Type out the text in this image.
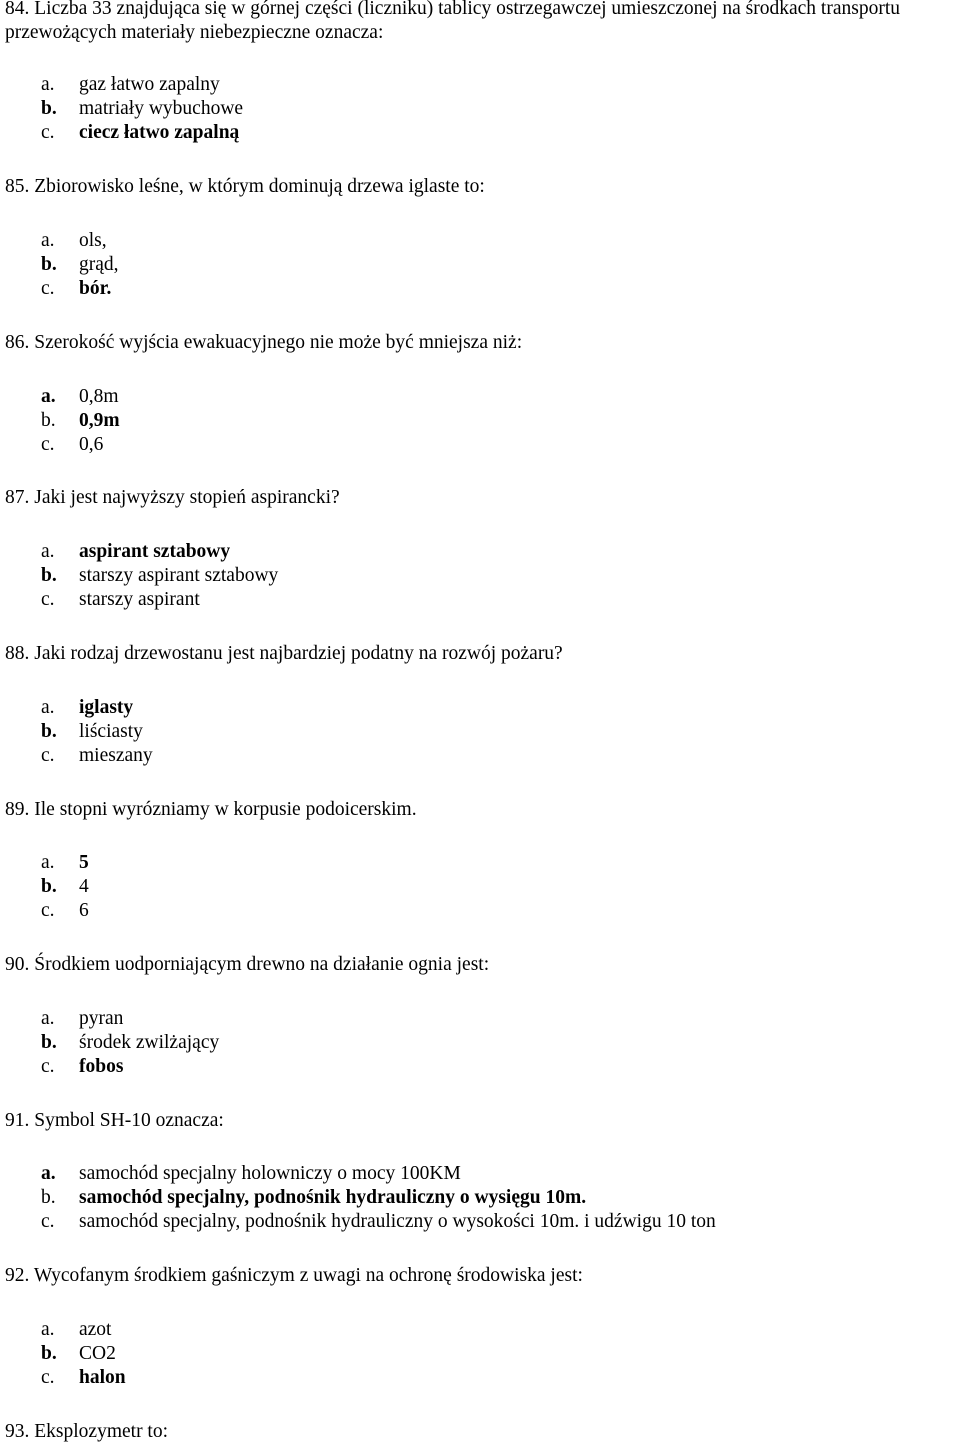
84. Liczba 33 znajdująca się w górnej części (liczniku) tablicy ostrzegawczej umieszczonej na środkach transportu przewożących materiały niebezpieczne oznacza:

a. gaz łatwo zapalny
b. matriały wybuchowe
c. ciecz łatwo zapalną

85. Zbiorowisko leśne, w którym dominują drzewa iglaste to:

a. ols,
b. grąd,
c. bór.

86. Szerokość wyjścia ewakuacyjnego nie może być mniejsza niż:

a. 0,8m
b. 0,9m
c. 0,6

87. Jaki jest najwyższy stopień aspirancki?

a. aspirant sztabowy
b. starszy aspirant sztabowy
c. starszy aspirant

88. Jaki rodzaj drzewostanu jest najbardziej podatny na rozwój pożaru?

a. iglasty
b. liściasty
c. mieszany

89. Ile stopni wyrózniamy w korpusie podoicerskim.

a. 5
b. 4
c. 6

90. Środkiem uodporniającym drewno na działanie ognia jest:

a. pyran
b. środek zwilżający
c. fobos

91. Symbol SH-10 oznacza:

a. samochód specjalny holowniczy o mocy 100KM
b. samochód specjalny, podnośnik hydrauliczny o wysięgu 10m.
c. samochód specjalny, podnośnik hydrauliczny o wysokości 10m. i udźwigu 10 ton

92. Wycofanym środkiem gaśniczym z uwagi na ochronę środowiska jest:

a. azot
b. CO2
c. halon

93. Eksplozymetr to:
